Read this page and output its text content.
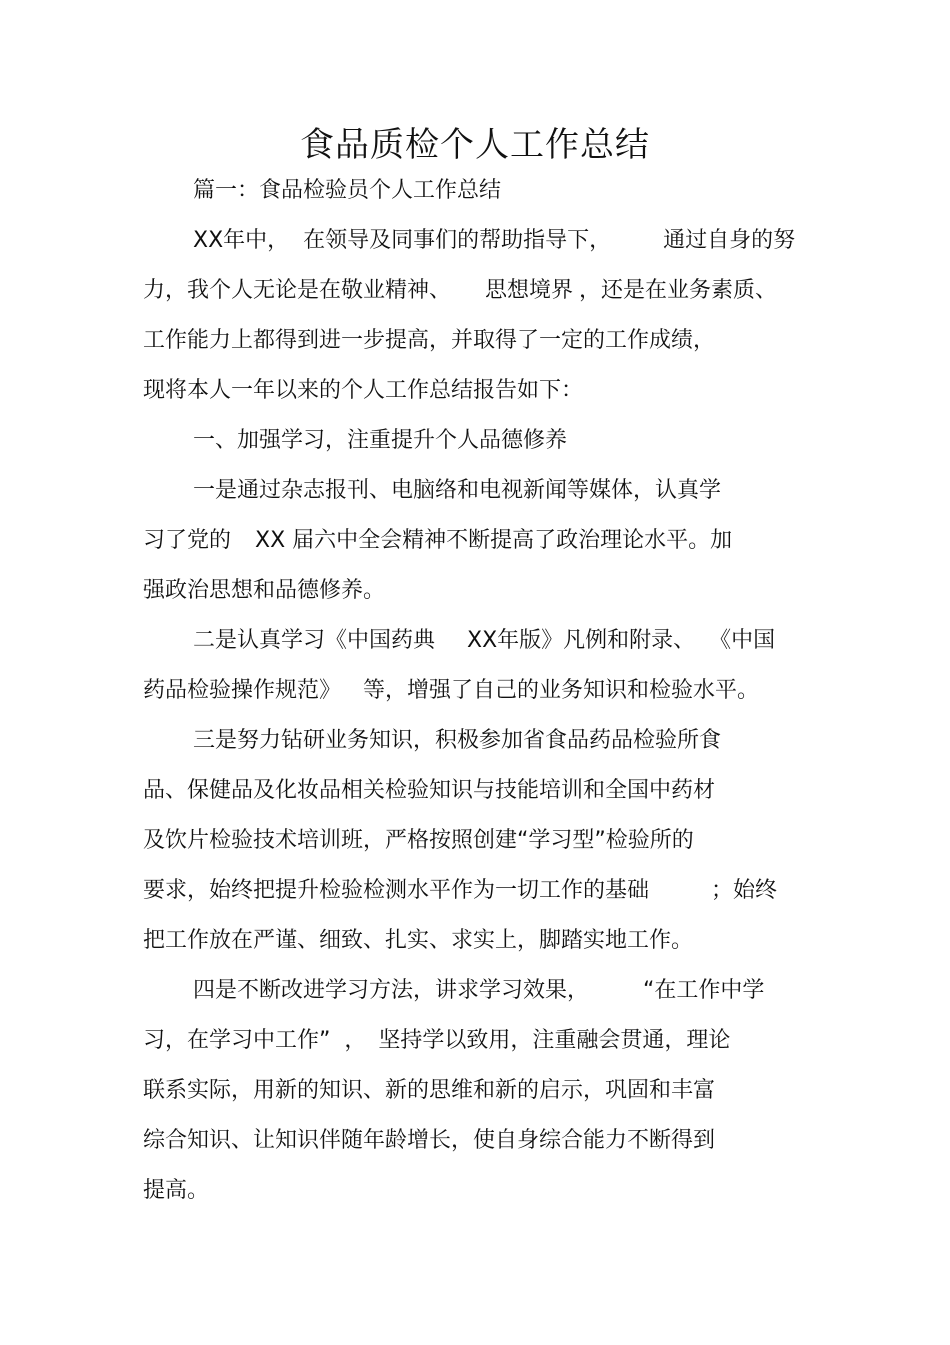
食品质检个人工作总结
篇一：食品检验员个人工作总结
XX年中， 在领导及同事们的帮助指导下， 通过自身的努
力，我个人无论是在敬业精神、 思想境界 ，还是在业务素质、
工作能力上都得到进一步提高，并取得了一定的工作成绩，
现将本人一年以来的个人工作总结报告如下：
一、加强学习，注重提升个人品德修养
一是通过杂志报刊、电脑络和电视新闻等媒体，认真学
习了党的 XX 届六中全会精神不断提高了政治理论水平。加
强政治思想和品德修养。
二是认真学习《中国药典 XX年版》凡例和附录、 《中国
药品检验操作规范》 等，增强了自己的业务知识和检验水平。
三是努力钻研业务知识，积极参加省食品药品检验所食
品、保健品及化妆品相关检验知识与技能培训和全国中药材
及饮片检验技术培训班，严格按照创建“学习型”检验所的
要求，始终把提升检验检测水平作为一切工作的基础	；始终
把工作放在严谨、细致、扎实、求实上，脚踏实地工作。
四是不断改进学习方法，讲求学习效果， “在工作中学
习，在学习中工作” ， 坚持学以致用，注重融会贯通，理论
联系实际，用新的知识、新的思维和新的启示，巩固和丰富
综合知识、让知识伴随年龄增长，使自身综合能力不断得到
提高。
